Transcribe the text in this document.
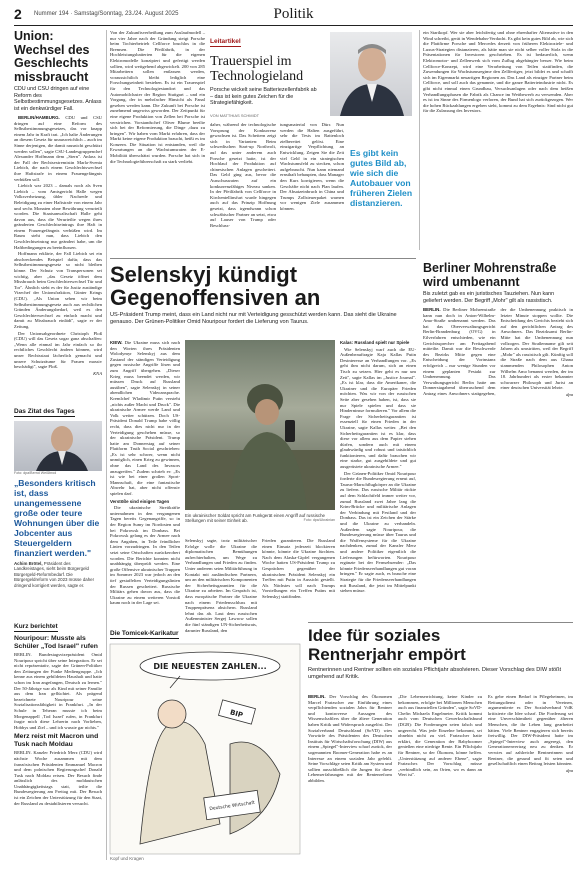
2 Nummer 194 · Samstag/Sonntag, 23./24. August 2025	Politik
Union: Wechsel des Geschlechts missbraucht
CDU und CSU dringen auf eine Reform des Selbstbestimmungsgesetzes. Anlass ist ein denkwürdiger Fall.

BERLIN/HAMBURG. CDU und CSU dringen auf eine Reform des Selbstbestimmungsgesetzes, das vor knapp einem Jahr in Kraft trat. „Ich halte Änderungen an diesem Gesetz für unausweichlich – auch im Sinne derjenigen, die damit rausnicht geschützt werden sollen", sagte CSU-Landesgruppenchef Alexander Hoffmann dem „Stern". Anlass ist der Fall der Rechtsextremistin Marla-Svenia Liebich, die nach einem Geschlechtswechsel ihre Haftstrafe in einem Frauengefängnis verbüßen soll.

Liebich war 2023 – damals noch als Sven Liebich – vom Amtsgericht Halle wegen Volksverhetzung, übler Nachrede und Beleidigung zu einer Haftstrafe von einem Jahr und sechs Monaten ohne Bewährung verurteilt worden. Die Staatsanwaltschaft Halle geht davon aus, dass die Verurteilte wegen ihres geänderten Geschlechtseintrags ihre Haft in einem Frauengefängnis verbüßen wird. Im Raum steht nun, dass Liebich den Geschlechtseintrag nur geändert habe, um die Haftbedingungen zu beeinflussen.

Hoffmann erklärte, der Fall Liebich sei ein abschreckendes Beispiel dafür, dass das Selbstbestimmungsgesetz so nicht bleiben könne. Der Schutz von Transpersonen sei wichtig, aber „das Gesetz öffnet dem Missbrauch beim Geschlechterwechsel Tür und Tor". Ähnlich sieht es der für Justiz zuständige Vizechef der Unionsfraktion, Günter Krings (CDU). „Als Union sehen wir beim Selbstbestimmungsgesetz auch aus rechtlichen Gründen Änderungsbedarf, weil es den Geschlechterwechsel zu einfach macht und damit zu Missbrauch einlädt", sagte er der Zeitung.

Der Unionsabgeordnete Christoph Ploß (CDU) will das Gesetz sogar ganz abschaffen: „Wenn alle einmal im Jahr einfach so ihr rechtliches Geschlecht ändern können, wird unser Rechtsstaat lächerlich gemacht und unsere Schutzräume für Frauen massiv beschädigt", sagte Ploß.

KNA

Das Zitat des Tages
Foto: dpa/Bernd Weißbrod
„Besonders kritisch ist, dass unangemessene große oder teure Wohnungen über die Jobcenter aus Steuergeldern finanziert werden."
Achim Brötel, Präsident des Landkreistages, sieht beim Bürgergeld Bürgergeld-Reformbedarf. Die Bürgergeldreform von 2023 müsse daher dringend korrigiert werden, sagte er.
Kurz berichtet
Nouripour: Musste als Schüler „Tod Israel" rufen
BERLIN. Bundestagsvizepräsident Omid Nouripour spricht über seine Integration. Er sei nicht repräsentativ, sagte der Grünen-Politiker den Zeitungen der Funke Mediengruppe. „Ich kenne aus einem gebildeten Haushalt und hatte schon im Iran angefangen, Deutsch zu lernen." Der 50-Jährige war als Kind mit seiner Familie aus dem Iran geflüchtet. Als prägend bezeichnete Nouripour seine Sozialisationsfähigkeit in Frankfurt. „In der Schule in Teheran musste ich beim Morgenappell ‚Tod Israel' rufen, in Frankfurt fragte mich diese Lehrerin nach Vorlieben, Hobbys und Ziel – und ich wusste gar nichts."
Merz reist mit Macron und Tusk nach Moldau
BERLIN. Kanzler Friedrich Merz (CDU) wird nächste Woche zusammen mit dem französischen Präsidenten Emmanuel Macron und dem polnischen Regierungschef Donald Tusk nach Moldau reisen. Der Besuch finde anlässlich des moldauischen Unabhängigkeitstags statt, teilte die Bundesregierung am Freitag mit. Der Besuch ist ein Zeichen der Unterstützung für den Staat, der Russland zu destabilisieren versucht.
Von der Zukunftsverheißung zum Auslaufmodell – nur vier Jahre nach der Gründung steigt Porsche beim Tochterbetrieb Cellforce bruchlos in die Bremsen. Die Pfeilfabrik, in der Hochleistungsbatterien für die eigenen Elektromodelle konzipiert und gefertigt werden sollten, wird weitgehend abgewickelt. 200 von 285 Mitarbeitern sollen entlassen werden, voraussichtlich bleibt lediglich eine Forschungseinheit bestehen. Es ist ein Trauerspiel für den Technologiestandort und das Automobilcluster der Region Stuttgart – und ein Vorgang, der in mehrfacher Hinsicht als Fanal gesehen werden kann. Die Zukunft bei Porsche ist zunehmend ungewiss geworden. Der Zeitpunkt für eine eigene Produktion von Zellen bei Porsche ist verstrichen. Vorstandschef Oliver Blume beeilte sich bei der Reformierung, die Dinge ‚dazu zu bringen". Wir haben vom Markt erfahren, dass der Markt keine eigene Produktion braucht, heißt es im Konzern. Die Situation ist entstanden, weil die Erwartungen an die Wachstumsraten der E-Mobilität überschätzt wurden. Porsche hat sich in die Technologieführerschaft zu stark verliebt.
Leitartikel
Trauerspiel im Technologieland
Porsche wickelt seine Batteriezellenfabrik ab – das ist kein gutes Zeichen für die Strategiefähigkeit.
VON MATTHIAS SCHMIDT
daher, während der technologische Vorsprung der Konkurrenz gewachsen ist. Das Scheitern zeigt sich in Varianten: Beim schwedischen Start-up Northvolt, auf das unter anderem auch Porsche gesetzt hatte, ist der Hochlauf der Produktion auf chinesischen Anlagen gescheitert. Das Geld ging aus, bevor die Ausschussraten auf ein konkurrenzfähiges Niveau sanken. In der Pfeilfabrik von Cellforce in Kirchentellinsfurt wurde hingegen auch auf das Prinzip Hoffnung gesetzt, dass irgendwann schon schwäbischer Partner an setzt, etwa auf Lauser von Trump oder Beschluss-
tungsmaterial von Dürr. Nun werden die Halten ausgeführt, sehr die Tests im Rattenloch zielbereitet gelöst. Eine einzigartige Verpflichtung an Entwicklung. Zeigen Sie die Zeit viel Geld in ein strategischen Wachstumsfeld zu stecken, schon aufgebraucht. Nun kann niemand ernsthaft behaupten, dass Manager den Kurs korrigieren, wenn die Geschäfte nicht nach Plan laufen. Der Absatzeinbruch in China und Trumps Zollsteuerpaket warnen vor wenigen Ziele zusammen können.
Es gibt kein gutes Bild ab, wie sich die Autobauer von früheren Zielen distanzieren.
ein Startkopf. Wer sie aber leichtfertig und ohne ehrenhafter Alternative in den Wind schreibt, gerät in Wendebahn-Verdacht. Es gibt kein gutes Bild ab, wie sich die Plattfirme Porsche und Mercedes derzeit von früheren Elektroziele- und Luxus-Strategien distanzieren, als hätte man sie nicht selber voller Stolz in die Präsentationen für Investoren geschrieben. Es ist bedauerlich, wenn Elektromotor- und Zellenwerk sich vom Zuflug abgehängter besser. Wie beim Cellforce-Konzept, wird eine Verarbeitung von Teilen stattfinden, die Zuwendungen für Wachstumsregime den Zellfertiger, jetzt bildet es und schafft sich im Eigenmarkt neuartigen Regionen an. Das Land als einziger Partner beim Cellforce, und soll auch das genannte, und die ganze Batterieindustrie nicht. Es gibt nicht einmal einen Grundbau, Versuchsanlagen oder nach dem heißen Verhandlungsphasen die Fabrik als Chance im Wettbewerb zu verwenden. Aber es ist im Sinne des Firmenlogo verloren, der Bund hat sich zurückgezogen. Wer die hohen Rückzahlungen ergeben sieht, kommt zu dem Ergebnis: Sind nicht gut für die Zulassung des Investors.
Berliner Mohrenstraße wird umbenannt
Bis zuletzt gab es ein juristisches Tauziehen. Nun kann geliefert werden. Der Begriff „Mohr" gilt als rassistisch.

BERLIN. Die Berliner Mohrenstraße kann nun doch in Anton-Wilhelm-Amo-Straße umbenannt werden. Das hat das Oberverwaltungsgericht Berlin-Brandenburg (OVG) in Eilverfahren entschieden, wie ein Gerichtssprecher am Freitagabend mitteilte. Damit war die Beschwerde des Bezirks Mitte gegen eine Entscheidung der Vorinstanz erfolgreich – nur wenige Stunden vor einem geplanten Festakt zur Umbenennung. Das Verwaltungsgericht Berlin hatte am Donnerstagabend überraschend dem Antrag eines Anwohners stattgegeben, der die Umbenennung praktisch in letzter Minute stoppen wollte. Die Entscheidung des Gerichts bezieht sich auf den gerichtlichen Antrag des Anwohners. Das Bezirksamt Berlin-Mitte hat die Umbenennung nun vollzogen. Der Straßenname gilt seit Jahren als umstritten, weil der Begriff „Mohr" als rassistisch gilt. Künftig soll die Straße nach dem aus Ghana stammenden Philosophen Anton Wilhelm Amo benannt werden, der im 18. Jahrhundert als erster bekannter schwarzer Philosoph und Jurist an einer deutschen Universität lehrte.

dpa

Selenskyj kündigt Gegenoffensiven an
US-Präsident Trump meint, dass ein Land nicht nur mit Verteidigung gesschützt werden kann. Das sieht die Ukraine genauso. Der Grünen-Politiker Omid Nouripour fordert die Lieferung von Taurus.

KIEW. Die Ukraine muss sich nach den Worten ihres Präsidenten Wolodymyr Selenskyj aus dem Zustand der ständigen Verteidigung gegen russische Angriffe lösen und zum Angriff übergehen. „Dieser Krieg muss beendet werden, wir müssen Druck auf Russland ausüben", sagte Selenskyj in seiner abendlichen Videoansprache. Kremlchef Wladimir Putin versteht „nichts außer Macht und Druck". Die ukrainische Armee werde Land und Volk weiter schützen. Doch US-Präsident Donald Trump habe völlig recht, dass dies nicht nur in der Verteidigung geschehen müsse, so der ukrainische Präsident. Trump hatte am Donnerstag auf seiner Plattform Truth Social geschrieben: „Es ist sehr schwer, wenn nicht unmöglich, einen Krieg zu gewinnen, ohne das Land des Invasors anzugreifen." Zudem schrieb er: „Es ist wie bei einer großen Sport-Mannschaft, die eine fantastische Abwehr hat, aber nicht offensiv spielen darf.

Verstöße sind einigen Tagen

Die ukrainische Streitkräfte unternahmen in den vergangenen Tagen bereits Gegenangriffe, so in der Region Sumy im Nordosten und bei Pokrowsk im Donbass. Bei Pokrowsk gelang es der Armee nach dem Angaben, in Teile feindlicher Linien vorzudringen. In den Teilen setzt seine Ortschaften zurückerobert worden. Die Berichte konnten nicht unabhängig überprüft werden. Eine große Offensive ukrainischer Truppen im Sommer 2023 war jedoch an den tief gestaffelten Verteidigungslinien der Russen gescheitert. Russische Militärs gehen davon aus, dass die Ukraine zu einem weiteren Vorstoß kaum noch in der Lage sei.

Ein ukrainischer Soldat spricht am Funkgerät einen Angriff auf russische Stellungen mit seiner Einheit ab.	Foto: dpa/Ukrainian
Selenskyj sagte, trotz militärischer Erfolge wolle die Ukraine die diplomatischen Bemühungen aufrechterhalten, um Wege zu Verhandlungen und Frieden zu finden. Unter anderem seien Militärführung in Kontakt mit ausländischen Partnern, um an den militärischen Komponenten der Sicherheitsgarantien für die Ukraine zu arbeiten. Im Gespräch ist, dass europäische Partner die Ukraine nach einem Friedensschluss mit Truppenpräsenz absichern. Russland lehnt das ab. Laut dem russischen Außenminister Sergej Lawrow sollen die fünf ständigen UN-Sicherheitsrats, darunter Russland, den
Frieden garantieren. Die Russland einen Einsatz jederzeit blockieren könnte, könnte die Ukraine fürchten. Nach dem Alaska-Gipfel vergangenen Woche hatten US-Präsident Trump zu Gesprächen gegenüber der ukrainischen Präsident Selenskyj ein Treffen mit Putin in Aussicht gestellt. Als Nächstes soll nach Trumps Vorstellungen ein Treffen Putins mit Selenskyj stattfinden.

Kalas: Russland spielt nur Spiele

Wie Selenskyj warf auch die EU-Außenbeauftragte Kaja Kallas Putin Desinteresse an Verhandlungen vor. „Es geht ihm nicht darum, sich an einen Tisch zu setzen. Hier geht es nur um Zeit", sagte Kallas im „Justice Journal". „Es ist klar, dass die Amerikaner, die Ukrainer und die Europäer Frieden möchten. Was wir von der russischen Seite aber gesehen haben, ist, dass sie nur Spiele spielen und dass sie Hinderninsse formulieren." Vor allem die Frage der Sicherheitsgarantien ist essenziell für einen Frieden in der Ukraine, sagte Kallas weiter. „Bei den Sicherheitsgarantien ist es klar, dass diese vor allem aus dem Papier stehen dürfen, sondern auch mit einem glaubwürdig und robust und tatsächlich funktionieren, und dafür brauchen wir eine starke, gut ausgebildete und gut ausgerüstete ukrainische Armee."

Der Grünen-Politiker Omid Nouripour forderte die Bundesregierung erneut auf, Taurus-Marschflugkörper an die Ukraine zu liefern. Das russische Militär rückte auf dem Schlachtfeld immer weiter vor, zumal Russland zwei Jahre lang die Krim-Brücke und militärische Anlagen der Verbindung mit Festland und der Donbass. Das ist ein Zeichen der Stärke und die Ukraine zu verhandeln. Außerdem sagte Nouripour, die Bundesregierung müsse über Taurus und die Waffensysteme für die Ukraine nachdenken, zumal der Kanzler Merz und andere Politiker eigentlich die Lieferungen befürworten. Nouripour ergänzte bei der Fernsehsender: „Das könnte Friedensverhandlungen gut voran bringen." Er sagte auch, es brauche eine Strategie für die Friedensverhandlungen mit Russland, die jetzt im Mittelpunkt stehen müsse.

Die Tomicek-Karikatur
DIE NEUESTEN ZAHLEN...
BIP
Deutsche Wirtschaft
Kopf und Kragen
Idee für soziales Rentnerjahr empört
Rentnerinnen und Rentner sollten ein soziales Pflichtjahr absolvieren. Dieser Vorschlag des DIW stößt umgehend auf Kritik.

BERLIN. Der Vorschlag des Ökonomen Marcel Fratzscher zur Einführung eines verpflichtenden sozialen Jahrs für Rentner und kontroverse Aussagen des Wissenschaftlers über die ältere Generation haben Kritik und Widerspruch ausgelöst. Der Sozialverband Deutschland (SoVD) wies Vorwürfe des Präsidenten des Deutschen Instituts für Wirtschaftsforschung (DIW) aus einem „Spiegel"-Interview scharf zurück, der sogenannten Boomer-Generation habe es an Interesse an einem sozialen Jahr gefehlt. Seine Vorschläge seien Kritik am System und sollten ausschließlich die Jungen für diese Lebenserfahrungen mit der Rentenreform abbilden.

„Die Lebenserrichtung, keine Kinder zu bekommen, erfolgte bei Millionen Menschen auch aus finanziellen Gründen", sagte SoVD-Chefin Michaela Engelmeier. Kritik kommt auch vom Deutschen Gewerkschaftsbund (DGB): Die Forderungen seien falsch und ungerecht. Was jede Einzelne bekommt, sei ohnehin nicht zu viel. Fratzscher hatte erklärt, die Generation der Babyboomer genießen eine niedrige Rente. Ein Pflichtjahr für Rentner, so der Ökonom, könne helfen. „Unterstützung auf anderer Ebene", sagte Fratzscher. Der Vorschlag müsse „verbindlich sein, an Orten, wo es dann an Wert ist".

Es gebe einen Bedarf in Pflegeheimen, im Rettungsdienst oder in Vereinen, argumentierte er. Der Sozialverband VdK kritisierte die Idee scharf. Die Forderung sei eine Unverschämtheit gegenüber älteren Menschen, die ihr Leben lang gearbeitet hätten. Viele Rentner engagieren sich bereits freiwillig. Der DIW-Präsident hatte im „Spiegel"-Interview auch angeregt, den Generationenvertrag neu zu denken. Er verwies auf zahlreiche Rentnerinnen und Rentner, die gesund und fit seien und gesellschaftlich einen Beitrag leisten könnten.

dpa
